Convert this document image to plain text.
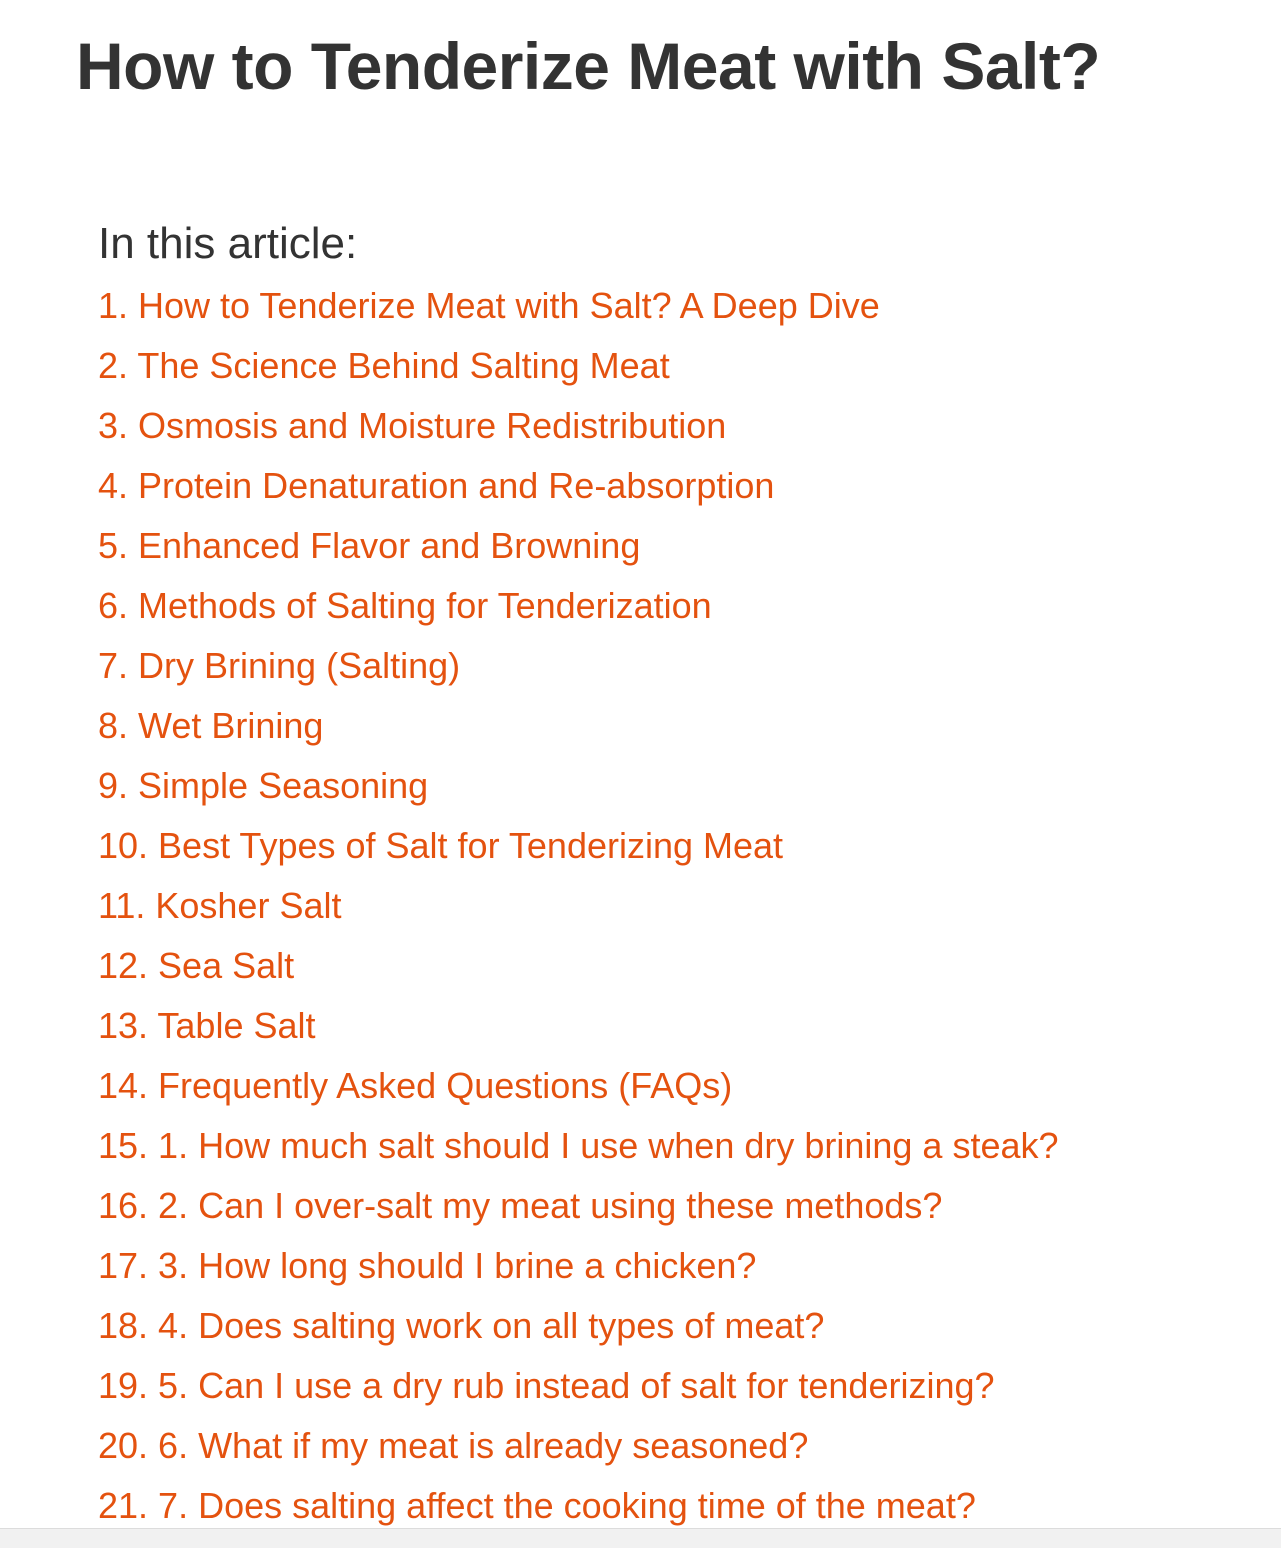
How to Tenderize Meat with Salt?
In this article:
1. How to Tenderize Meat with Salt? A Deep Dive
2. The Science Behind Salting Meat
3. Osmosis and Moisture Redistribution
4. Protein Denaturation and Re-absorption
5. Enhanced Flavor and Browning
6. Methods of Salting for Tenderization
7. Dry Brining (Salting)
8. Wet Brining
9. Simple Seasoning
10. Best Types of Salt for Tenderizing Meat
11. Kosher Salt
12. Sea Salt
13. Table Salt
14. Frequently Asked Questions (FAQs)
15. 1. How much salt should I use when dry brining a steak?
16. 2. Can I over-salt my meat using these methods?
17. 3. How long should I brine a chicken?
18. 4. Does salting work on all types of meat?
19. 5. Can I use a dry rub instead of salt for tenderizing?
20. 6. What if my meat is already seasoned?
21. 7. Does salting affect the cooking time of the meat?
